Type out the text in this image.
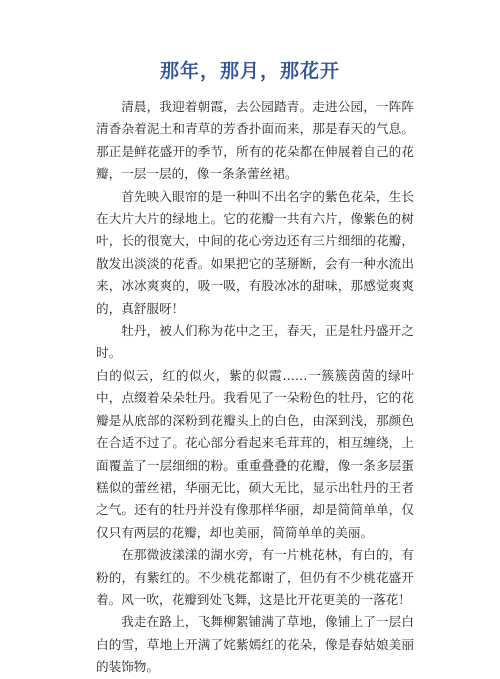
那年，那月，那花开

清晨，我迎着朝霞，去公园踏青。走进公园，一阵阵清香杂着泥土和青草的芳香扑面而来，那是春天的气息。那正是鲜花盛开的季节，所有的花朵都在伸展着自己的花瓣，一层一层的，像一条条蕾丝裙。

首先映入眼帘的是一种叫不出名字的紫色花朵，生长在大片大片的绿地上。它的花瓣一共有六片，像紫色的树叶，长的很宽大，中间的花心旁边还有三片细细的花瓣，散发出淡淡的花香。如果把它的茎掰断，会有一种水流出来，冰冰爽爽的，吸一吸，有股冰冰的甜味，那感觉爽爽的，真舒服呀！

牡丹，被人们称为花中之王，春天，正是牡丹盛开之时。

白的似云，红的似火，紫的似霞……一簇簇茵茵的绿叶中，点缀着朵朵牡丹。我看见了一朵粉色的牡丹，它的花瓣是从底部的深粉到花瓣头上的白色，由深到浅，那颜色在合适不过了。花心部分看起来毛茸茸的，相互缠绕，上面覆盖了一层细细的粉。重重叠叠的花瓣，像一条多层蛋糕似的蕾丝裙，华丽无比，硕大无比，显示出牡丹的王者之气。还有的牡丹并没有像那样华丽，却是简简单单，仅仅只有两层的花瓣，却也美丽，简简单单的美丽。

在那微波漾漾的湖水旁，有一片桃花林，有白的，有粉的，有紫红的。不少桃花都谢了，但仍有不少桃花盛开着。风一吹，花瓣到处飞舞，这是比开花更美的一落花！

我走在路上，飞舞柳絮铺满了草地，像铺上了一层白白的雪，草地上开满了姹紫嫣红的花朵，像是春姑娘美丽的装饰物。
